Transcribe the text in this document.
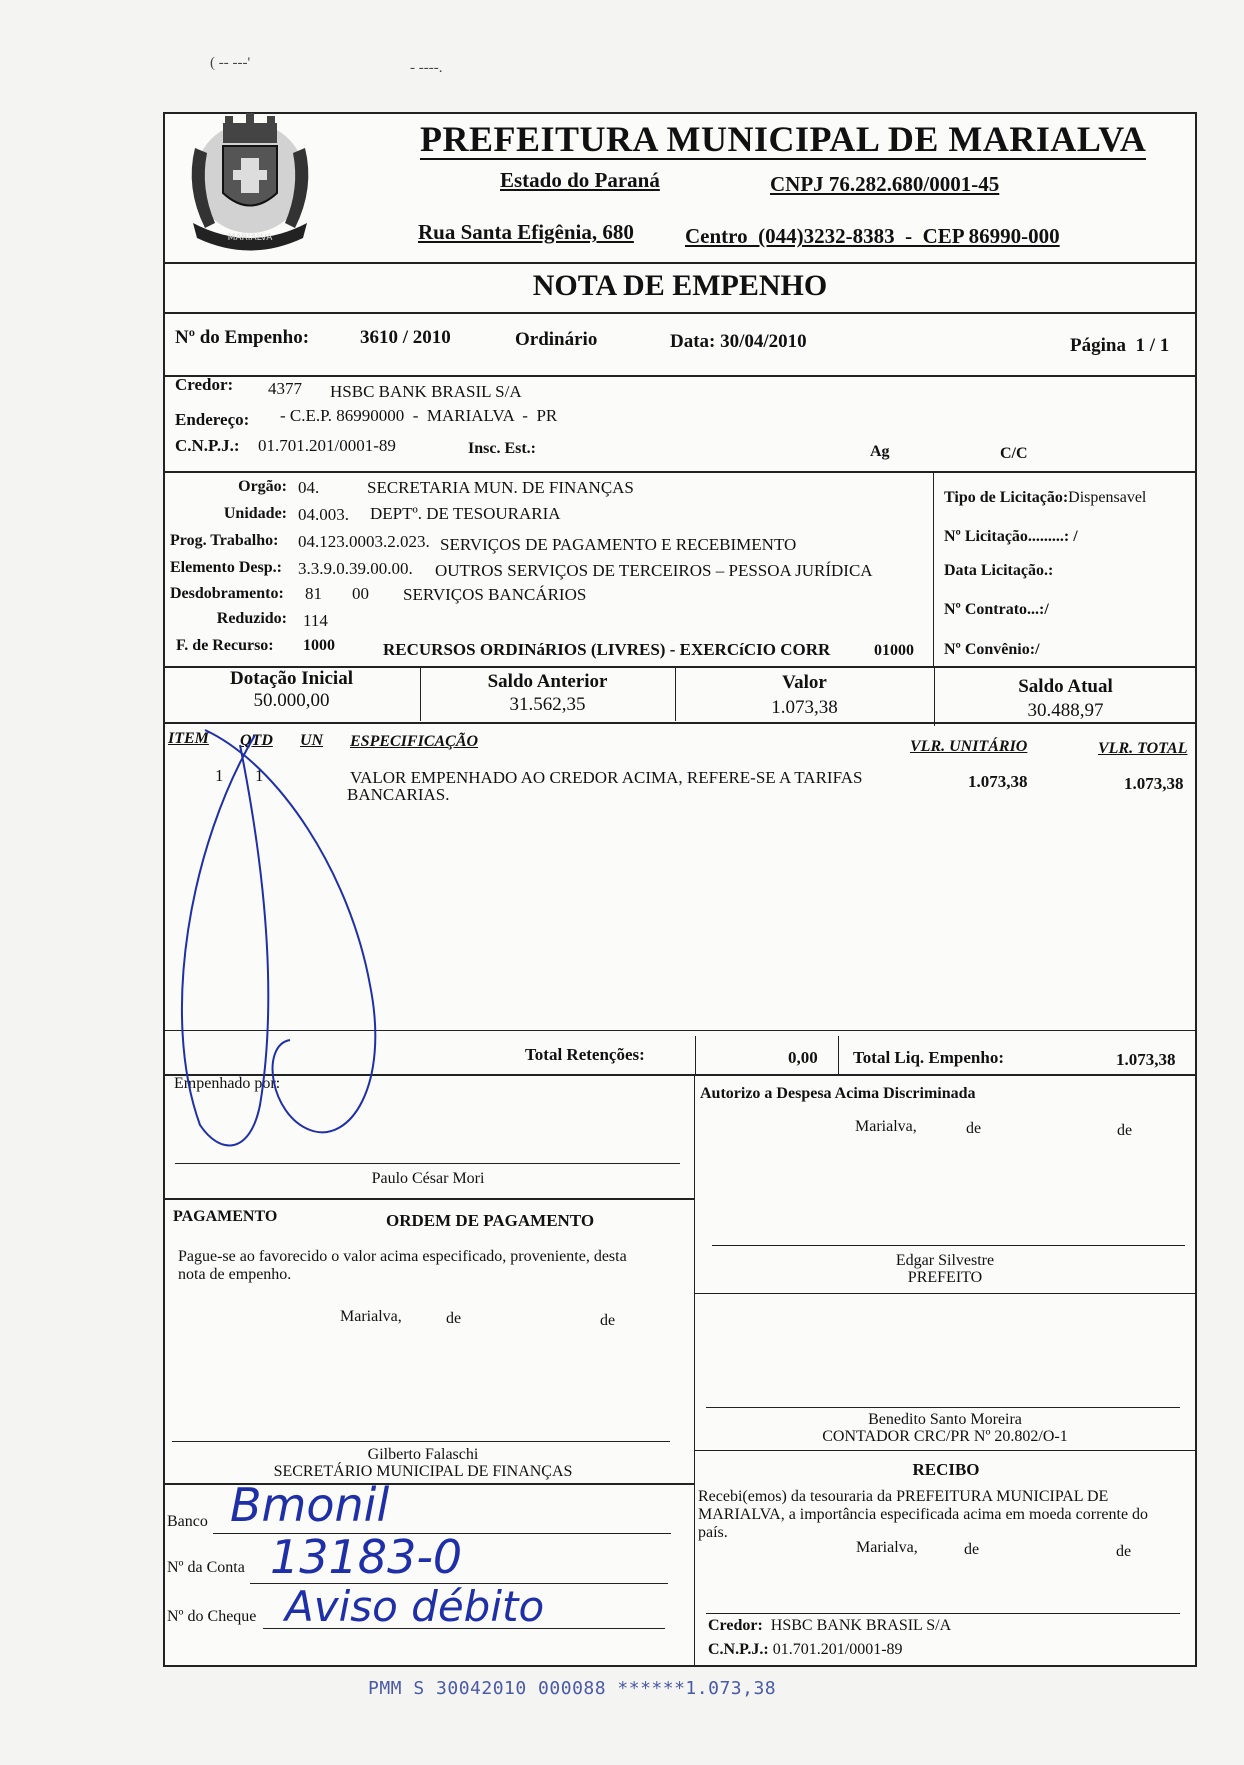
( -- ---'	- ----.
MARIALVA
PREFEITURA MUNICIPAL DE MARIALVA
Estado do Paraná	CNPJ 76.282.680/0001-45
Rua Santa Efigênia, 680 Centro  (044)3232-8383  -  CEP 86990-000
NOTA DE EMPENHO
Nº do Empenho:	3610 / 2010	Ordinário	Data: 30/04/2010	Página  1 / 1
Credor: 4377 HSBC BANK BRASIL S/A
Endereço: - C.E.P. 86990000  -  MARIALVA  -  PR
C.N.P.J.: 01.701.201/0001-89	Insc. Est.:	Ag	C/C
Orgão: 04.	SECRETARIA MUN. DE FINANÇAS
Unidade: 04.003. DEPTº. DE TESOURARIA
Prog. Trabalho: 04.123.0003.2.023. SERVIÇOS DE PAGAMENTO E RECEBIMENTO
Elemento Desp.: 3.3.9.0.39.00.00. OUTROS SERVIÇOS DE TERCEIROS – PESSOA JURÍDICA
Desdobramento: 81 00 SERVIÇOS BANCÁRIOS
Reduzido: 114
F. de Recurso: 1000	RECURSOS ORDINáRIOS (LIVRES) - EXERCíCIO CORR	01000
Tipo de Licitação:Dispensavel
Nº Licitação.........: /
Data Licitação.:
Nº Contrato...:/
Nº Convênio:/
Dotação Inicial
50.000,00
Saldo Anterior
31.562,35
Valor
1.073,38
Saldo Atual
30.488,97
ITEM QTD UN ESPECIFICAÇÃO	VLR. UNITÁRIO	VLR. TOTAL
1 1	VALOR EMPENHADO AO CREDOR ACIMA, REFERE-SE A TARIFAS
BANCARIAS.
1.073,38	1.073,38
Total Retenções:	0,00 Total Liq. Empenho:	1.073,38
Empenhado por:
Paulo César Mori
Autorizo a Despesa Acima Discriminada
Marialva,	de	de
Edgar Silvestre
PREFEITO
PAGAMENTO	ORDEM DE PAGAMENTO
Pague-se ao favorecido o valor acima especificado, proveniente, desta
nota de empenho.
Marialva,	de	de
Gilberto Falaschi
SECRETÁRIO MUNICIPAL DE FINANÇAS
Benedito Santo Moreira
CONTADOR CRC/PR Nº 20.802/O-1
RECIBO
Recebi(emos) da tesouraria da PREFEITURA MUNICIPAL DE
MARIALVA, a importância especificada acima em moeda corrente do
país.
Marialva,	de	de
Credor: HSBC BANK BRASIL S/A
C.N.P.J.: 01.701.201/0001-89
Banco Bmonil
Nº da Conta 13183-0
Nº do Cheque Aviso débito
PMM S 30042010 000088 ******1.073,38
